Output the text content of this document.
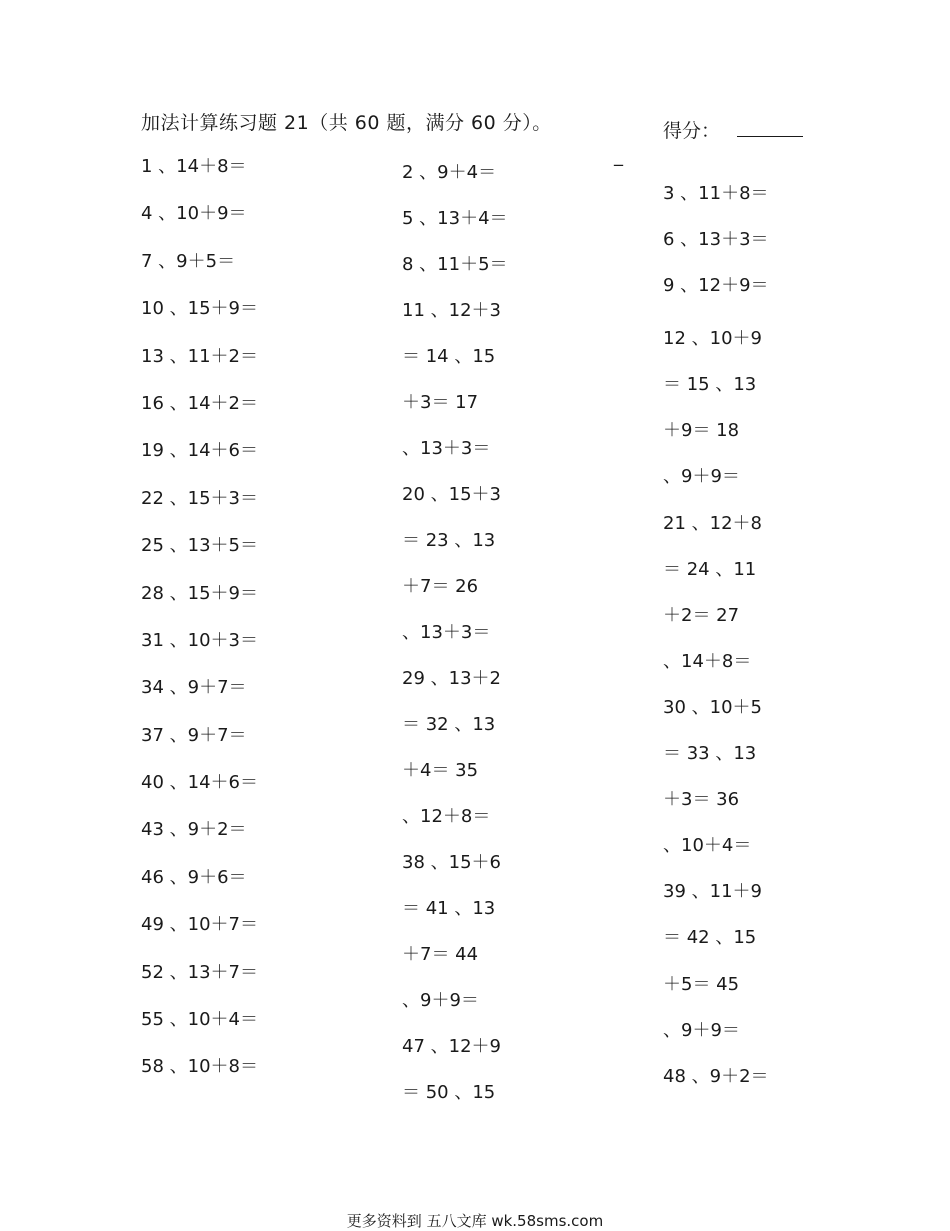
加法计算练习题 21（共 60 题，满分 60 分）。	得分：
_
1 、14＋8＝
4 、10＋9＝
7 、9＋5＝
10 、15＋9＝
13 、11＋2＝
16 、14＋2＝
19 、14＋6＝
22 、15＋3＝
25 、13＋5＝
28 、15＋9＝
31 、10＋3＝
34 、9＋7＝
37 、9＋7＝
40 、14＋6＝
43 、9＋2＝
46 、9＋6＝
49 、10＋7＝
52 、13＋7＝
55 、10＋4＝
58 、10＋8＝
2 、9＋4＝
5 、13＋4＝
8 、11＋5＝
11 、12＋3
＝ 14 、15
＋3＝ 17
、13＋3＝
20 、15＋3
＝ 23 、13
＋7＝ 26
、13＋3＝
29 、13＋2
＝ 32 、13
＋4＝ 35
、12＋8＝
38 、15＋6
＝ 41 、13
＋7＝ 44
、9＋9＝
47 、12＋9
＝ 50 、15
3 、11＋8＝
6 、13＋3＝
9 、12＋9＝
12 、10＋9
＝ 15 、13
＋9＝ 18
、9＋9＝
21 、12＋8
＝ 24 、11
＋2＝ 27
、14＋8＝
30 、10＋5
＝ 33 、13
＋3＝ 36
、10＋4＝
39 、11＋9
＝ 42 、15
＋5＝ 45
、9＋9＝
48 、9＋2＝
更多资料到 五八文库 wk.58sms.com
